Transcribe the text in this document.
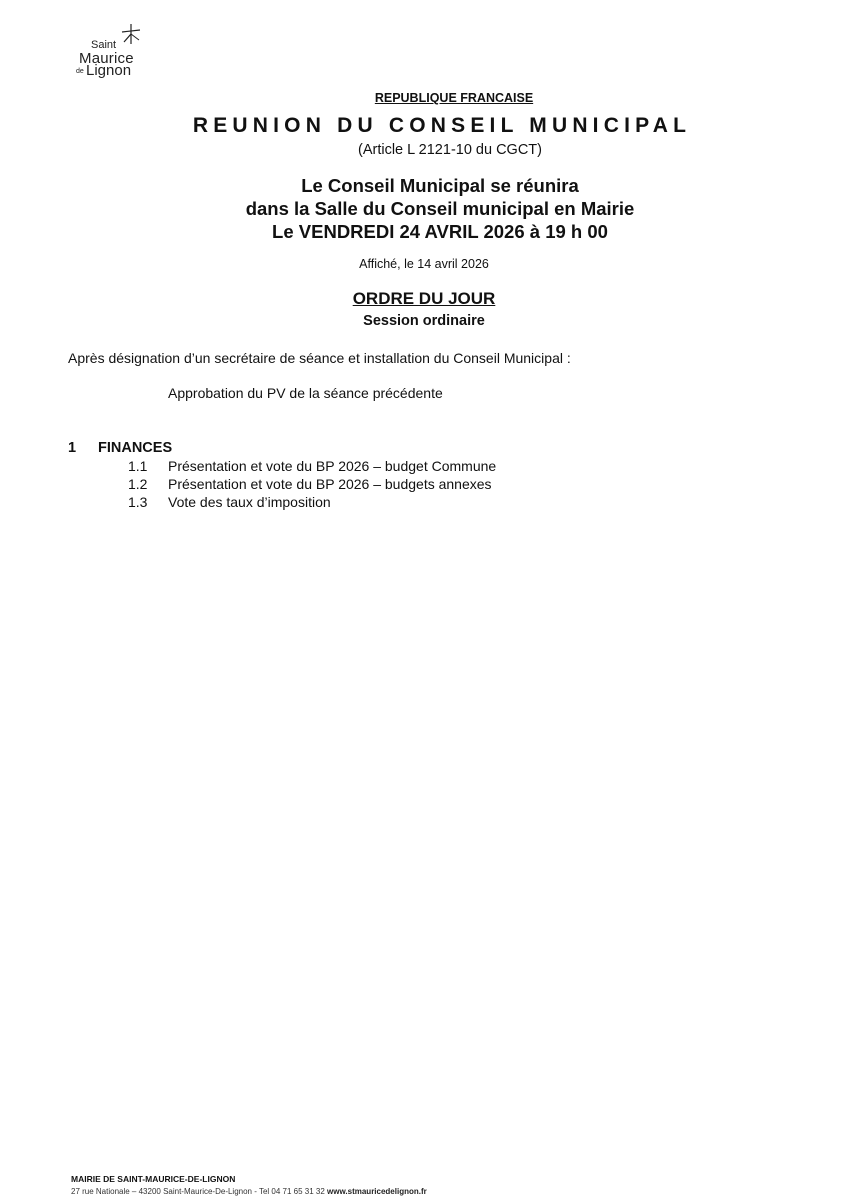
Saint
Maurice
de Lignon
REPUBLIQUE FRANCAISE
REUNION DU CONSEIL MUNICIPAL
(Article L 2121-10 du CGCT)
Le Conseil Municipal se réunira
dans la Salle du Conseil municipal en Mairie
Le VENDREDI 24 AVRIL 2026 à 19 h 00
Affiché, le 14 avril 2026
ORDRE DU JOUR
Session ordinaire
Après désignation d’un secrétaire de séance et installation du Conseil Municipal :
Approbation du PV de la séance précédente
1 FINANCES
1.1 Présentation et vote du BP 2026 – budget Commune
1.2 Présentation et vote du BP 2026 – budgets annexes
1.3 Vote des taux d’imposition
MAIRIE DE SAINT-MAURICE-DE-LIGNON
27 rue Nationale – 43200 Saint-Maurice-De-Lignon - Tel 04 71 65 31 32 www.stmauricedelignon.fr
